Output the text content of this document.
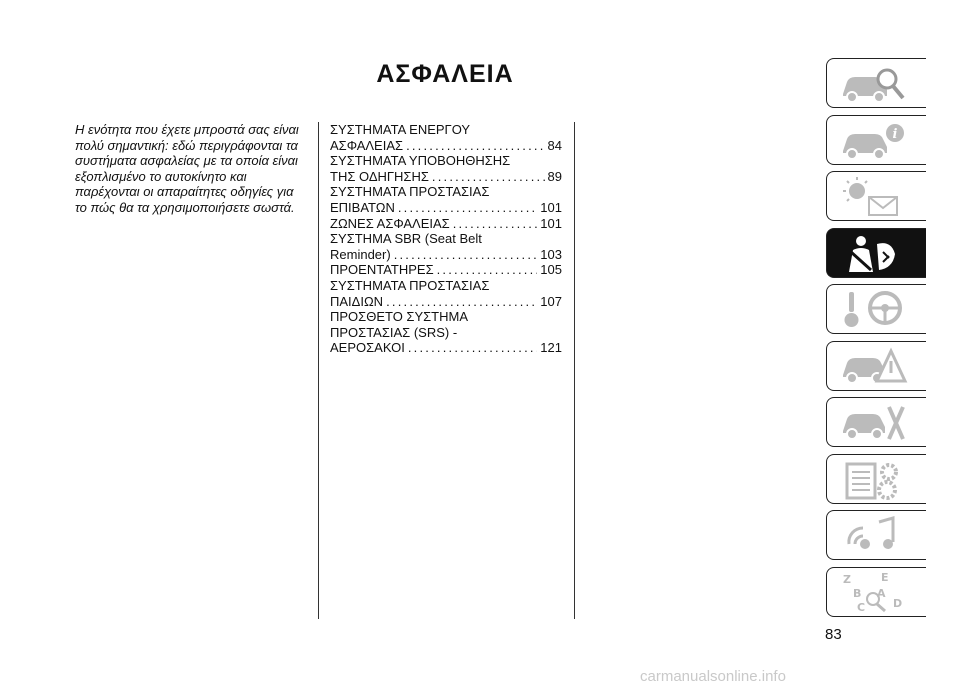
ΑΣΦΑΛΕΙΑ
Η ενότητα που έχετε μπροστά σας είναι πολύ σημαντική: εδώ περιγράφονται τα συστήματα ασφαλείας με τα οποία είναι εξοπλισμένο το αυτοκίνητο και παρέχονται οι απαραίτητες οδηγίες για το πώς θα τα χρησιμοποιήσετε σωστά.
ΣΥΣΤΗΜΑΤΑ ΕΝΕΡΓΟΥ
ΑΣΦΑΛΕΙΑΣ .....	84
ΣΥΣΤΗΜΑΤΑ ΥΠΟΒΟΗΘΗΣΗΣ
ΤΗΣ ΟΔΗΓΗΣΗΣ .....	89
ΣΥΣΤΗΜΑΤΑ ΠΡΟΣΤΑΣΙΑΣ
ΕΠΙΒΑΤΩΝ .....	101
ΖΩΝΕΣ ΑΣΦΑΛΕΙΑΣ .....	101
ΣΥΣΤΗΜΑ SBR (Seat Belt
Reminder) .....	103
ΠΡΟΕΝΤΑΤΗΡΕΣ .....	105
ΣΥΣΤΗΜΑΤΑ ΠΡΟΣΤΑΣΙΑΣ
ΠΑΙΔΙΩΝ .....	107
ΠΡΟΣΘΕΤΟ ΣΥΣΤΗΜΑ
ΠΡΟΣΤΑΣΙΑΣ (SRS) -
ΑΕΡΟΣΑΚΟΙ .....	121
83
carmanualsonline.info
i
Z	E
B A
C	D
